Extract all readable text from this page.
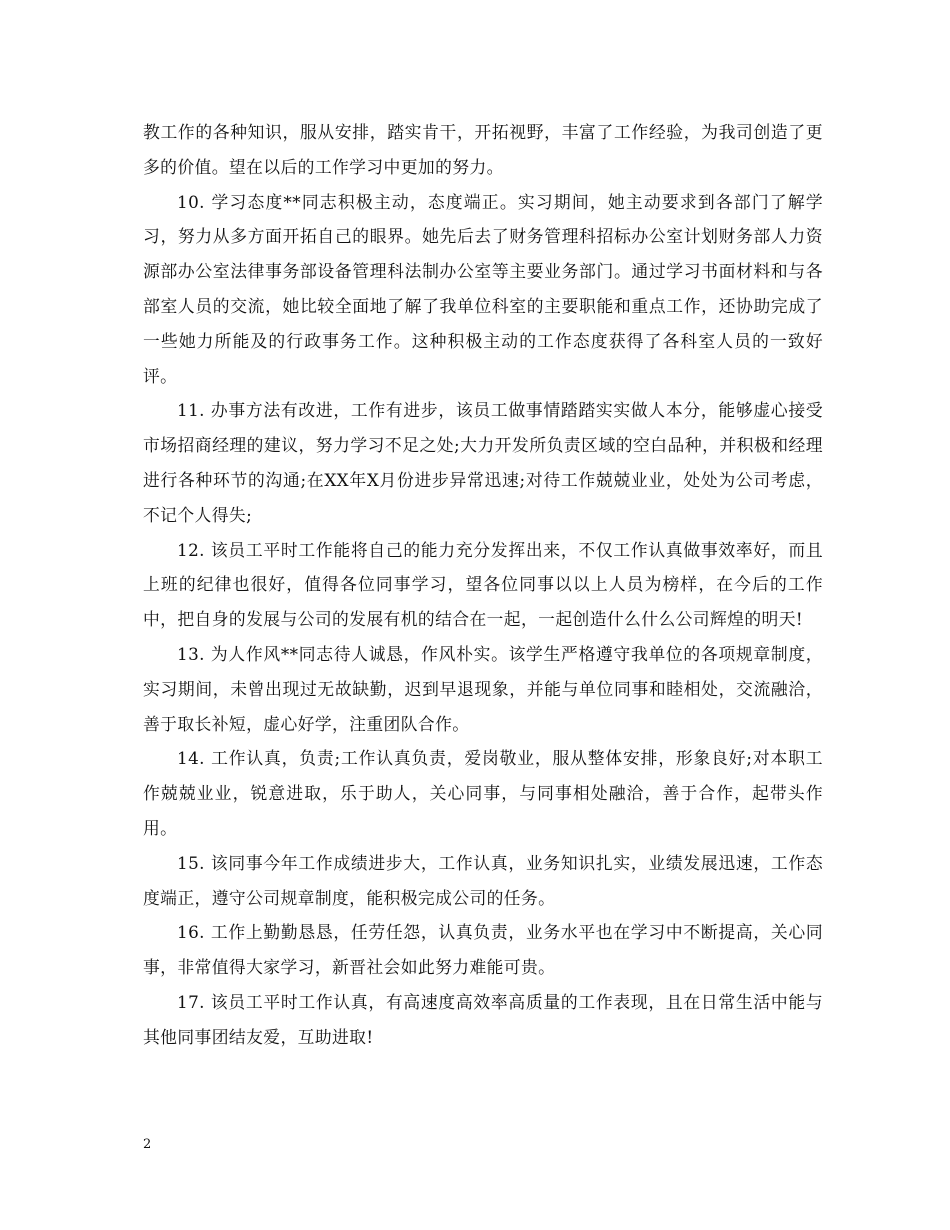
教工作的各种知识，服从安排，踏实肯干，开拓视野，丰富了工作经验，为我司创造了更多的价值。望在以后的工作学习中更加的努力。

10. 学习态度**同志积极主动，态度端正。实习期间，她主动要求到各部门了解学习，努力从多方面开拓自己的眼界。她先后去了财务管理科招标办公室计划财务部人力资源部办公室法律事务部设备管理科法制办公室等主要业务部门。通过学习书面材料和与各部室人员的交流，她比较全面地了解了我单位科室的主要职能和重点工作，还协助完成了一些她力所能及的行政事务工作。这种积极主动的工作态度获得了各科室人员的一致好评。

11. 办事方法有改进，工作有进步，该员工做事情踏踏实实做人本分，能够虚心接受市场招商经理的建议，努力学习不足之处;大力开发所负责区域的空白品种，并积极和经理进行各种环节的沟通;在XX年X月份进步异常迅速;对待工作兢兢业业，处处为公司考虑，不记个人得失;

12. 该员工平时工作能将自己的能力充分发挥出来，不仅工作认真做事效率好，而且上班的纪律也很好，值得各位同事学习，望各位同事以以上人员为榜样，在今后的工作中，把自身的发展与公司的发展有机的结合在一起，一起创造什么什么公司辉煌的明天!

13. 为人作风**同志待人诚恳，作风朴实。该学生严格遵守我单位的各项规章制度，实习期间，未曾出现过无故缺勤，迟到早退现象，并能与单位同事和睦相处，交流融洽，善于取长补短，虚心好学，注重团队合作。

14. 工作认真，负责;工作认真负责，爱岗敬业，服从整体安排，形象良好;对本职工作兢兢业业，锐意进取，乐于助人，关心同事，与同事相处融洽，善于合作，起带头作用。

15. 该同事今年工作成绩进步大，工作认真，业务知识扎实，业绩发展迅速，工作态度端正，遵守公司规章制度，能积极完成公司的任务。

16. 工作上勤勤恳恳，任劳任怨，认真负责，业务水平也在学习中不断提高，关心同事，非常值得大家学习，新晋社会如此努力难能可贵。

17. 该员工平时工作认真，有高速度高效率高质量的工作表现，且在日常生活中能与其他同事团结友爱，互助进取!

2
